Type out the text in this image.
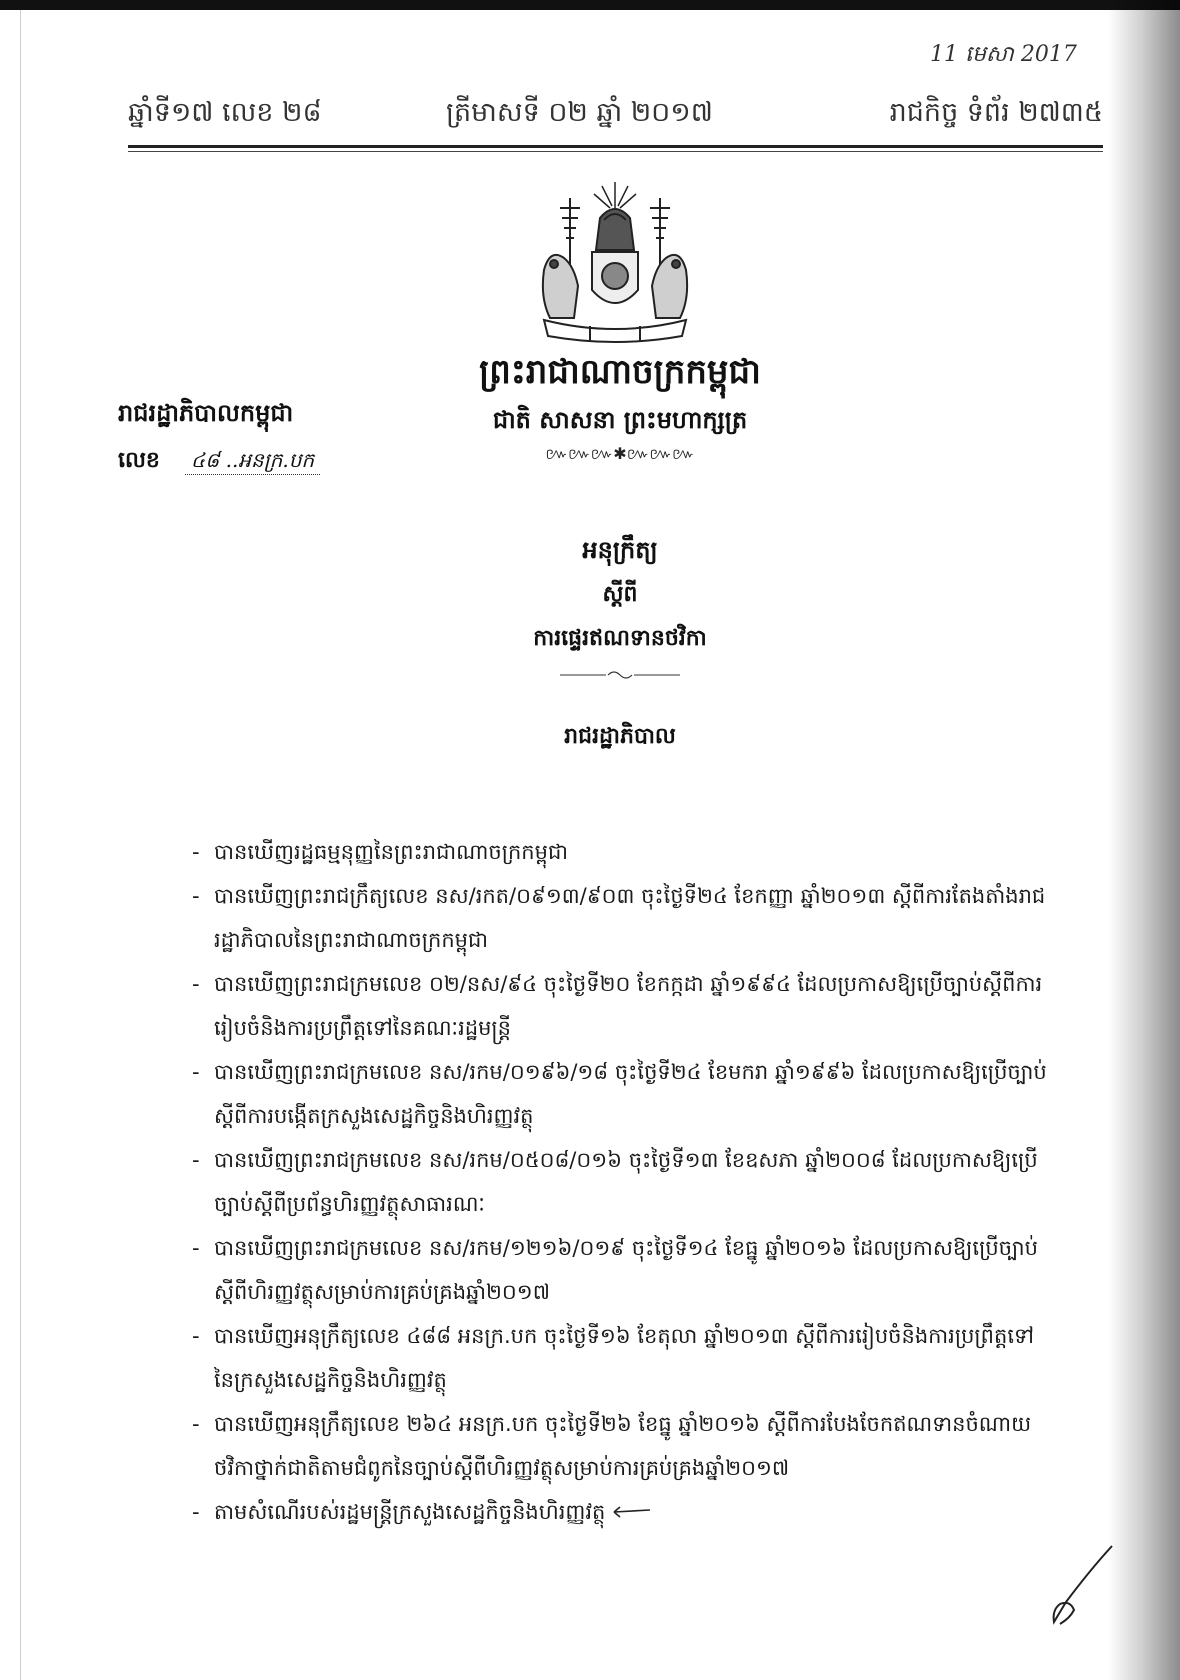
11 មេសា 2017
ឆ្នាំទី១៧ លេខ ២៨	ត្រីមាសទី ០២ ឆ្នាំ ២០១៧	រាជកិច្ច ទំព័រ ២៧៣៥
ព្រះរាជាណាចក្រកម្ពុជា
ជាតិ សាសនា ព្រះមហាក្សត្រ
៚៚៚✱៚៚៚
រាជរដ្ឋាភិបាលកម្ពុជា
លេខ ៤៨ ..អនក្រ.បក
អនុក្រឹត្យ
ស្ដីពី
ការផ្ទេរឥណទានថវិកា
រាជរដ្ឋាភិបាល
- បានឃើញរដ្ឋធម្មនុញ្ញនៃព្រះរាជាណាចក្រកម្ពុជា
- បានឃើញព្រះរាជក្រឹត្យលេខ នស/រកត/០៩១៣/៩០៣ ចុះថ្ងៃទី២៤ ខែកញ្ញា ឆ្នាំ២០១៣ ស្ដីពីការតែងតាំងរាជរដ្ឋាភិបាលនៃព្រះរាជាណាចក្រកម្ពុជា
- បានឃើញព្រះរាជក្រមលេខ ០២/នស/៩៤ ចុះថ្ងៃទី២០ ខែកក្កដា ឆ្នាំ១៩៩៤ ដែលប្រកាសឱ្យប្រើច្បាប់ស្ដីពីការរៀបចំនិងការប្រព្រឹត្តទៅនៃគណៈរដ្ឋមន្ត្រី
- បានឃើញព្រះរាជក្រមលេខ នស/រកម/០១៩៦/១៨ ចុះថ្ងៃទី២៤ ខែមករា ឆ្នាំ១៩៩៦ ដែលប្រកាសឱ្យប្រើច្បាប់ស្ដីពីការបង្កើតក្រសួងសេដ្ឋកិច្ចនិងហិរញ្ញវត្ថុ
- បានឃើញព្រះរាជក្រមលេខ នស/រកម/០៥០៨/០១៦ ចុះថ្ងៃទី១៣ ខែឧសភា ឆ្នាំ២០០៨ ដែលប្រកាសឱ្យប្រើច្បាប់ស្ដីពីប្រព័ន្ធហិរញ្ញវត្ថុសាធារណៈ
- បានឃើញព្រះរាជក្រមលេខ នស/រកម/១២១៦/០១៩ ចុះថ្ងៃទី១៤ ខែធ្នូ ឆ្នាំ២០១៦ ដែលប្រកាសឱ្យប្រើច្បាប់ស្ដីពីហិរញ្ញវត្ថុសម្រាប់ការគ្រប់គ្រងឆ្នាំ២០១៧
- បានឃើញអនុក្រឹត្យលេខ ៤៨៨ អនក្រ.បក ចុះថ្ងៃទី១៦ ខែតុលា ឆ្នាំ២០១៣ ស្ដីពីការរៀបចំនិងការប្រព្រឹត្តទៅនៃក្រសួងសេដ្ឋកិច្ចនិងហិរញ្ញវត្ថុ
- បានឃើញអនុក្រឹត្យលេខ ២៦៤ អនក្រ.បក ចុះថ្ងៃទី២៦ ខែធ្នូ ឆ្នាំ២០១៦ ស្ដីពីការបែងចែកឥណទានចំណាយថវិកាថ្នាក់ជាតិតាមជំពូកនៃច្បាប់ស្ដីពីហិរញ្ញវត្ថុសម្រាប់ការគ្រប់គ្រងឆ្នាំ២០១៧
- តាមសំណើរបស់រដ្ឋមន្ត្រីក្រសួងសេដ្ឋកិច្ចនិងហិរញ្ញវត្ថុ
